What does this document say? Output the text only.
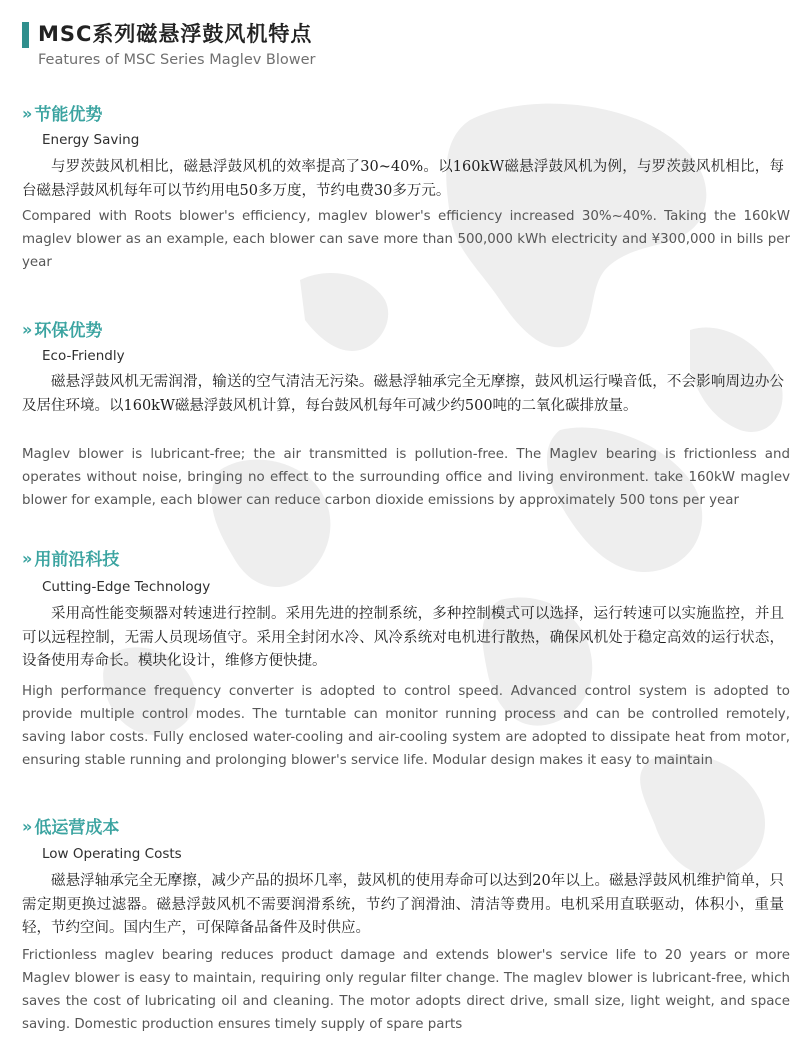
MSC系列磁悬浮鼓风机特点
Features of MSC Series Maglev Blower
» 节能优势
Energy Saving

与罗茨鼓风机相比，磁悬浮鼓风机的效率提高了30~40%。以160kW磁悬浮鼓风机为例，与罗茨鼓风机相比，每台磁悬浮鼓风机每年可以节约用电50多万度，节约电费30多万元。

Compared with Roots blower's efficiency, maglev blower's efficiency increased 30%~40%. Taking the 160kW maglev blower as an example, each blower can save more than 500,000 kWh electricity and ¥300,000 in bills per year

» 环保优势
Eco-Friendly

磁悬浮鼓风机无需润滑，输送的空气清洁无污染。磁悬浮轴承完全无摩擦，鼓风机运行噪音低，不会影响周边办公及居住环境。以160kW磁悬浮鼓风机计算，每台鼓风机每年可减少约500吨的二氧化碳排放量。

Maglev blower is lubricant-free; the air transmitted is pollution-free. The Maglev bearing is frictionless and operates without noise, bringing no effect to the surrounding office and living environment. take 160kW maglev blower for example, each blower can reduce carbon dioxide emissions by approximately 500 tons per year

» 用前沿科技
Cutting-Edge Technology

采用高性能变频器对转速进行控制。采用先进的控制系统，多种控制模式可以选择，运行转速可以实施监控，并且可以远程控制，无需人员现场值守。采用全封闭水冷、风冷系统对电机进行散热，确保风机处于稳定高效的运行状态，设备使用寿命长。模块化设计，维修方便快捷。

High performance frequency converter is adopted to control speed. Advanced control system is adopted to provide multiple control modes. The turntable can monitor running process and can be controlled remotely, saving labor costs. Fully enclosed water-cooling and air-cooling system are adopted to dissipate heat from motor, ensuring stable running and prolonging blower's service life. Modular design makes it easy to maintain

» 低运营成本
Low Operating Costs

磁悬浮轴承完全无摩擦，减少产品的损坏几率，鼓风机的使用寿命可以达到20年以上。磁悬浮鼓风机维护简单，只需定期更换过滤器。磁悬浮鼓风机不需要润滑系统，节约了润滑油、清洁等费用。电机采用直联驱动，体积小，重量轻，节约空间。国内生产，可保障备品备件及时供应。

Frictionless maglev bearing reduces product damage and extends blower's service life to 20 years or more Maglev blower is easy to maintain, requiring only regular filter change. The maglev blower is lubricant-free, which saves the cost of lubricating oil and cleaning. The motor adopts direct drive, small size, light weight, and space saving. Domestic production ensures timely supply of spare parts
